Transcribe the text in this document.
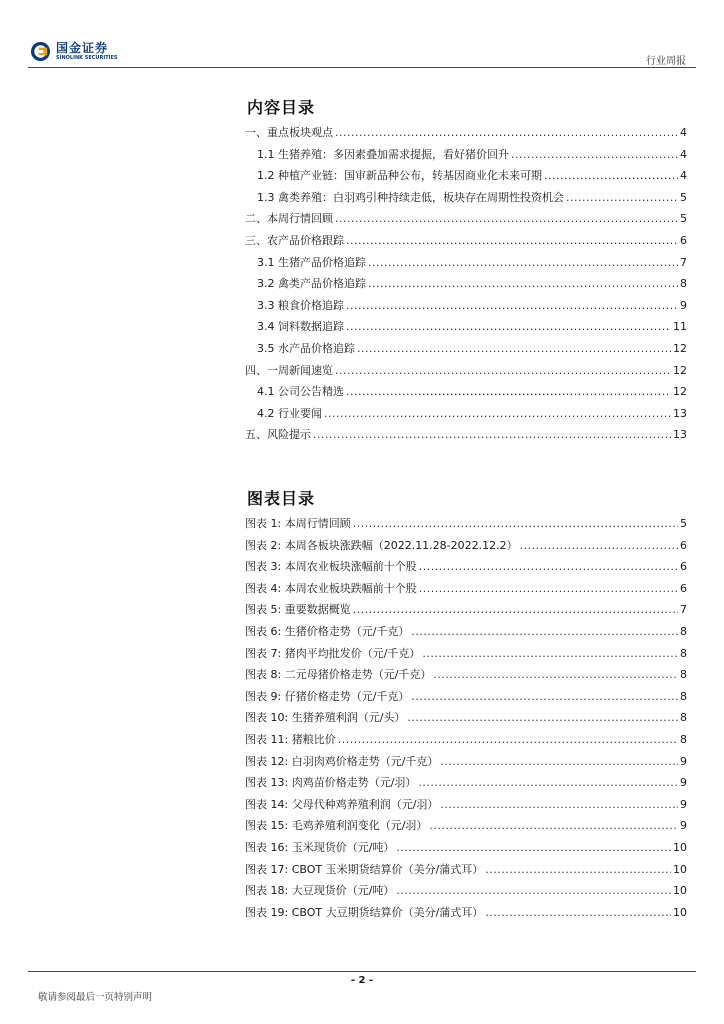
国金证券
SINOLINK SECURITIES	行业周报
内容目录
一、重点板块观点 .....	4
1.1 生猪养殖：多因素叠加需求提振，看好猪价回升 .....	4
1.2 种植产业链：国审新品种公布，转基因商业化未来可期 .....	4
1.3 禽类养殖：白羽鸡引种持续走低，板块存在周期性投资机会 .....	5
二、本周行情回顾 .....	5
三、农产品价格跟踪 .....	6
3.1 生猪产品价格追踪 .....	7
3.2 禽类产品价格追踪 .....	8
3.3 粮食价格追踪 .....	9
3.4 饲料数据追踪 .....	11
3.5 水产品价格追踪 .....	12
四、一周新闻速览 .....	12
4.1 公司公告精选 .....	12
4.2 行业要闻 .....	13
五、风险提示 .....	13
图表目录
图表 1: 本周行情回顾 .....	5
图表 2: 本周各板块涨跌幅（2022.11.28-2022.12.2） .....	6
图表 3: 本周农业板块涨幅前十个股 .....	6
图表 4: 本周农业板块跌幅前十个股 .....	6
图表 5: 重要数据概览 .....	7
图表 6: 生猪价格走势（元/千克） .....	8
图表 7: 猪肉平均批发价（元/千克） .....	8
图表 8: 二元母猪价格走势（元/千克） .....	8
图表 9: 仔猪价格走势（元/千克） .....	8
图表 10: 生猪养殖利润（元/头） .....	8
图表 11: 猪粮比价 .....	8
图表 12: 白羽肉鸡价格走势（元/千克） .....	9
图表 13: 肉鸡苗价格走势（元/羽） .....	9
图表 14: 父母代种鸡养殖利润（元/羽） .....	9
图表 15: 毛鸡养殖利润变化（元/羽） .....	9
图表 16: 玉米现货价（元/吨） .....	10
图表 17: CBOT 玉米期货结算价（美分/蒲式耳） .....	10
图表 18: 大豆现货价（元/吨） .....	10
图表 19: CBOT 大豆期货结算价（美分/蒲式耳） .....	10
- 2 -
敬请参阅最后一页特别声明
